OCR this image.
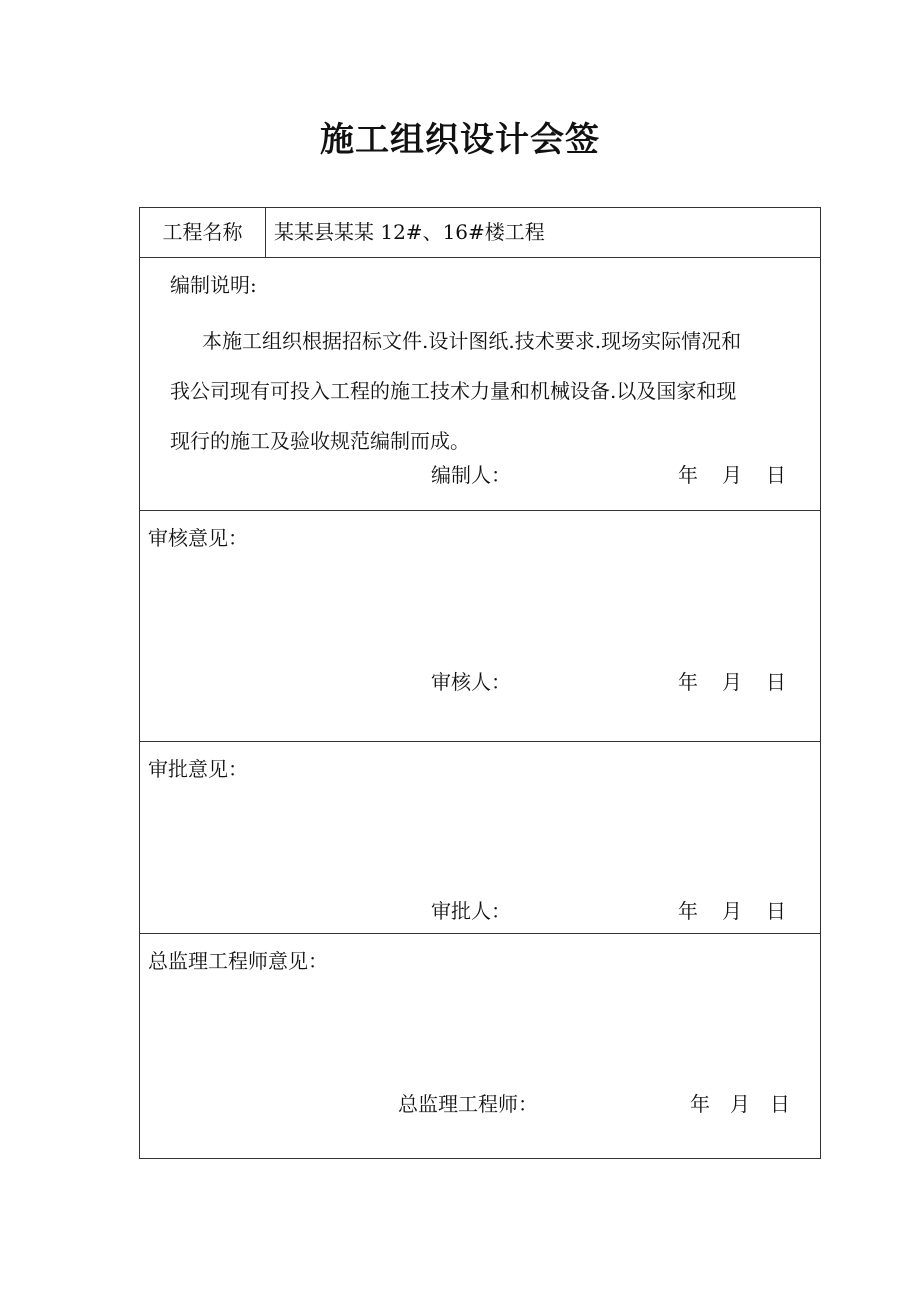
施工组织设计会签
工程名称	某某县某某 12#、16#楼工程
编制说明:
本施工组织根据招标文件.设计图纸.技术要求.现场实际情况和
我公司现有可投入工程的施工技术力量和机械设备.以及国家和现
现行的施工及验收规范编制而成。
编制人：	年 月 日
审核意见：
审核人：	年 月 日
审批意见：
审批人：	年 月 日
总监理工程师意见：
总监理工程师：	年 月 日
